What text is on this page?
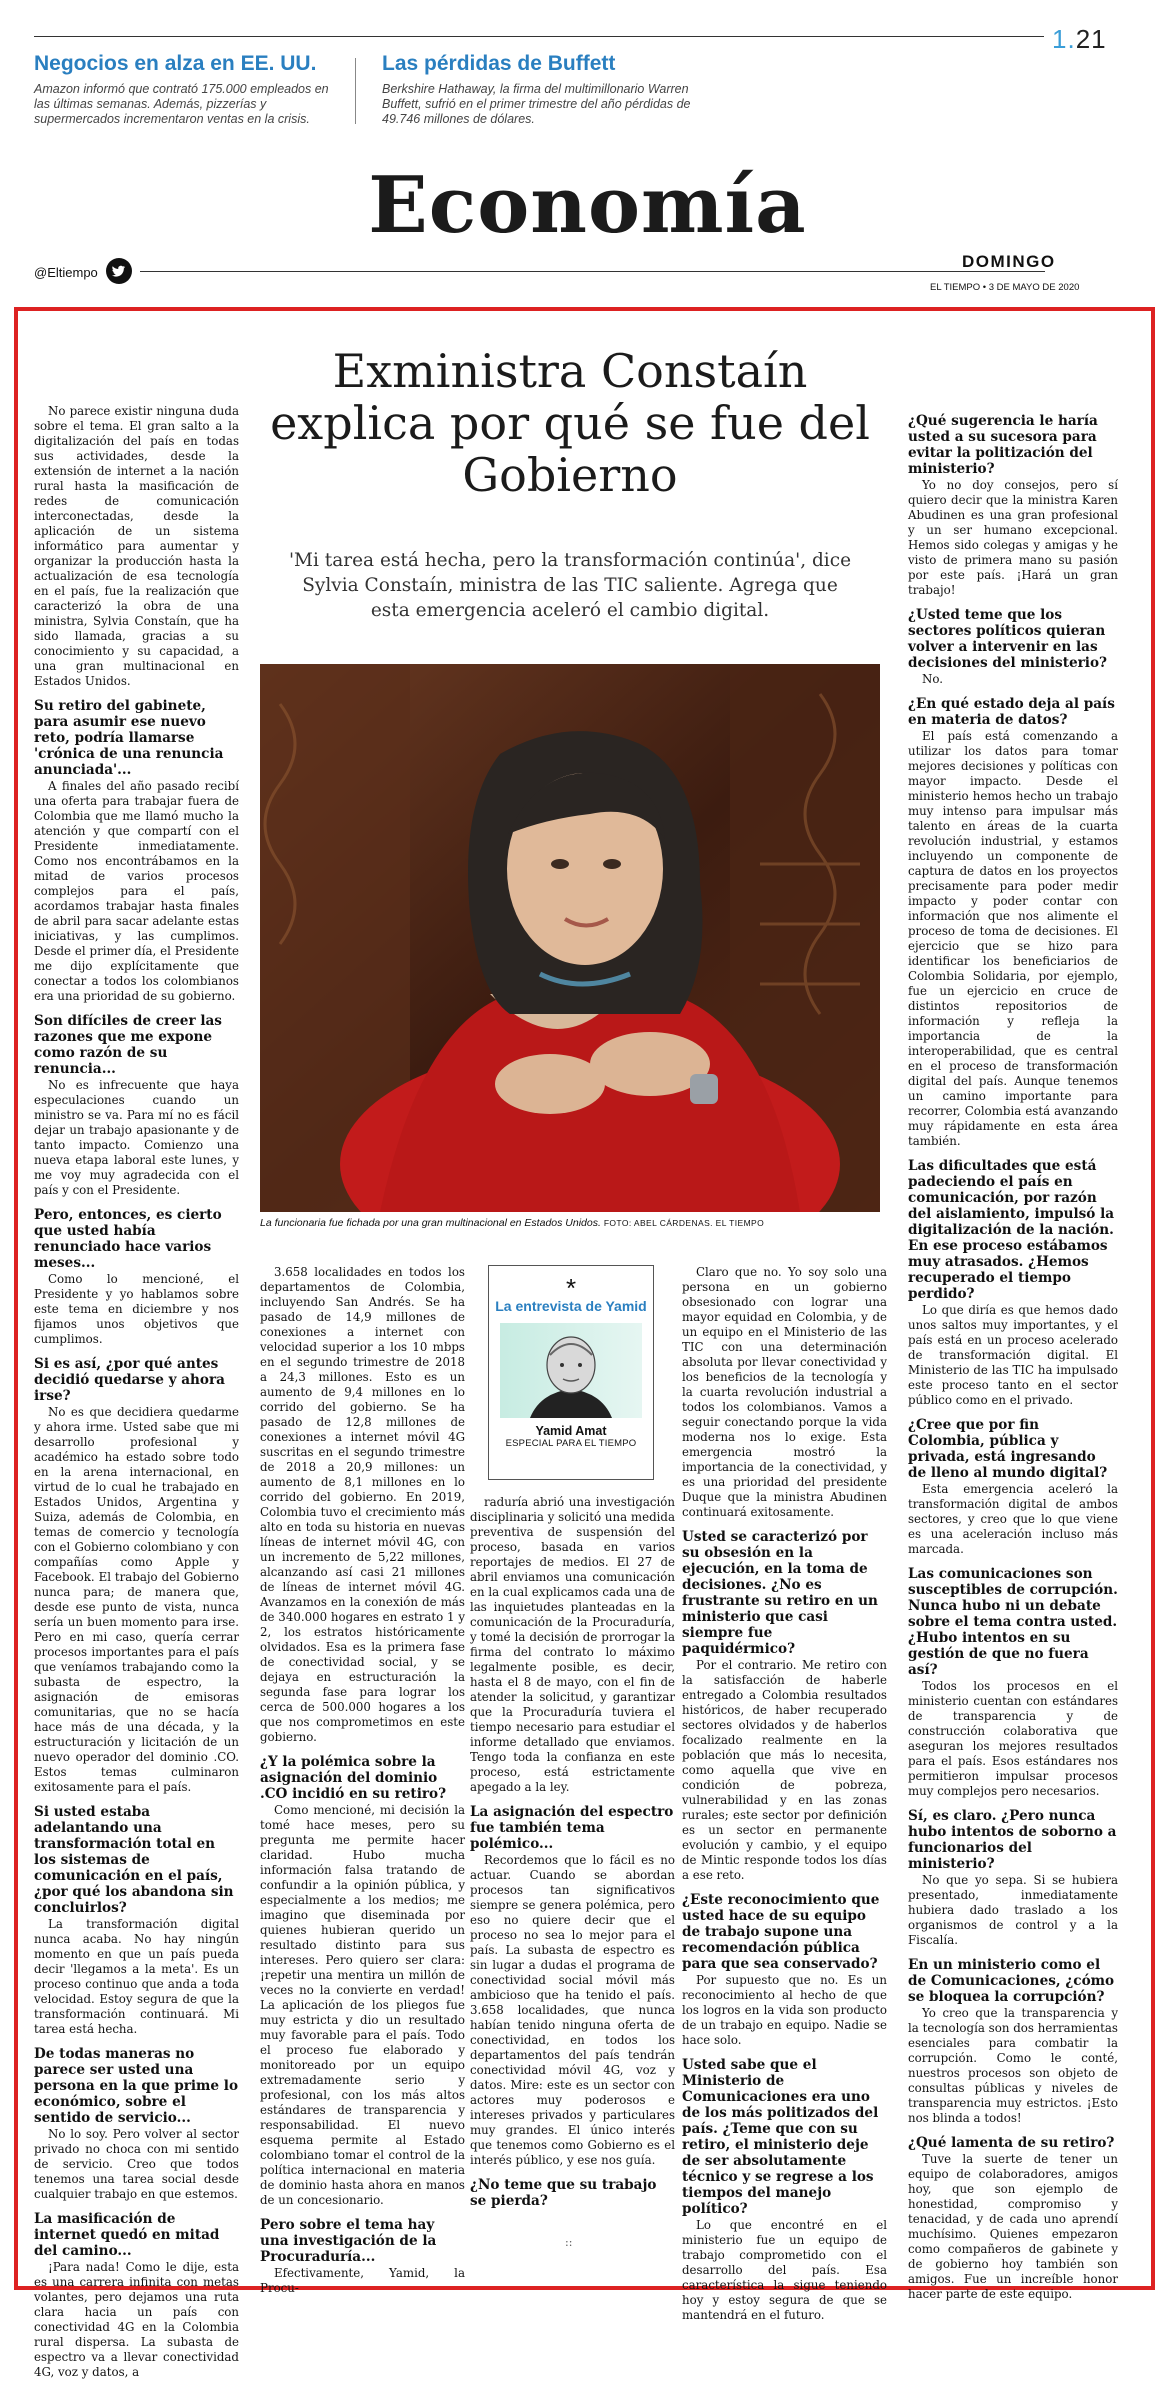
1.21
Negocios en alza en EE. UU.

Amazon informó que contrató 175.000 empleados en las últimas semanas. Además, pizzerías y supermercados incrementaron ventas en la crisis.

Las pérdidas de Buffett

Berkshire Hathaway, la firma del multimillonario Warren Buffett, sufrió en el primer trimestre del año pérdidas de 49.746 millones de dólares.

Economía
@Eltiempo
DOMINGO
EL TIEMPO • 3 DE MAYO DE 2020
Exministra Constaín explica por qué se fue del Gobierno
'Mi tarea está hecha, pero la transformación continúa', dice Sylvia Constaín, ministra de las TIC saliente. Agrega que esta emergencia aceleró el cambio digital.
La funcionaria fue fichada por una gran multinacional en Estados Unidos. FOTO: ABEL CÁRDENAS. EL TIEMPO
*
La entrevista de Yamid
Yamid Amat
ESPECIAL PARA EL TIEMPO

No parece existir ninguna duda sobre el tema. El gran salto a la digitalización del país en todas sus actividades, desde la extensión de internet a la nación rural hasta la masificación de redes de comunicación interconectadas, desde la aplicación de un sistema informático para aumentar y organizar la producción hasta la actualización de esa tecnología en el país, fue la realización que caracterizó la obra de una ministra, Sylvia Constaín, que ha sido llamada, gracias a su conocimiento y su capacidad, a una gran multinacional en Estados Unidos.

Su retiro del gabinete, para asumir ese nuevo reto, podría llamarse 'crónica de una renuncia anunciada'...

A finales del año pasado recibí una oferta para trabajar fuera de Colombia que me llamó mucho la atención y que compartí con el Presidente inmediatamente. Como nos encontrábamos en la mitad de varios procesos complejos para el país, acordamos trabajar hasta finales de abril para sacar adelante estas iniciativas, y las cumplimos. Desde el primer día, el Presidente me dijo explícitamente que conectar a todos los colombianos era una prioridad de su gobierno.

Son difíciles de creer las razones que me expone como razón de su renuncia...

No es infrecuente que haya especulaciones cuando un ministro se va. Para mí no es fácil dejar un trabajo apasionante y de tanto impacto. Comienzo una nueva etapa laboral este lunes, y me voy muy agradecida con el país y con el Presidente.

Pero, entonces, es cierto que usted había renunciado hace varios meses...

Como lo mencioné, el Presidente y yo hablamos sobre este tema en diciembre y nos fijamos unos objetivos que cumplimos.

Si es así, ¿por qué antes decidió quedarse y ahora irse?

No es que decidiera quedarme y ahora irme. Usted sabe que mi desarrollo profesional y académico ha estado sobre todo en la arena internacional, en virtud de lo cual he trabajado en Estados Unidos, Argentina y Suiza, además de Colombia, en temas de comercio y tecnología con el Gobierno colombiano y con compañías como Apple y Facebook. El trabajo del Gobierno nunca para; de manera que, desde ese punto de vista, nunca sería un buen momento para irse. Pero en mi caso, quería cerrar procesos importantes para el país que veníamos trabajando como la subasta de espectro, la asignación de emisoras comunitarias, que no se hacía hace más de una década, y la estructuración y licitación de un nuevo operador del dominio .CO. Estos temas culminaron exitosamente para el país.

Si usted estaba adelantando una transformación total en los sistemas de comunicación en el país, ¿por qué los abandona sin concluirlos?

La transformación digital nunca acaba. No hay ningún momento en que un país pueda decir 'llegamos a la meta'. Es un proceso continuo que anda a toda velocidad. Estoy segura de que la transformación continuará. Mi tarea está hecha.

De todas maneras no parece ser usted una persona en la que prime lo económico, sobre el sentido de servicio...

No lo soy. Pero volver al sector privado no choca con mi sentido de servicio. Creo que todos tenemos una tarea social desde cualquier trabajo en que estemos.

La masificación de internet quedó en mitad del camino...

¡Para nada! Como le dije, esta es una carrera infinita con metas volantes, pero dejamos una ruta clara hacia un país con conectividad 4G en la Colombia rural dispersa. La subasta de espectro va a llevar conectividad 4G, voz y datos, a

3.658 localidades en todos los departamentos de Colombia, incluyendo San Andrés. Se ha pasado de 14,9 millones de conexiones a internet con velocidad superior a los 10 mbps en el segundo trimestre de 2018 a 24,3 millones. Esto es un aumento de 9,4 millones en lo corrido del gobierno. Se ha pasado de 12,8 millones de conexiones a internet móvil 4G suscritas en el segundo trimestre de 2018 a 20,9 millones: un aumento de 8,1 millones en lo corrido del gobierno. En 2019, Colombia tuvo el crecimiento más alto en toda su historia en nuevas líneas de internet móvil 4G, con un incremento de 5,22 millones, alcanzando así casi 21 millones de líneas de internet móvil 4G. Avanzamos en la conexión de más de 340.000 hogares en estrato 1 y 2, los estratos históricamente olvidados. Esa es la primera fase de conectividad social, y se dejaya en estructuración la segunda fase para lograr los cerca de 500.000 hogares a los que nos comprometimos en este gobierno.

¿Y la polémica sobre la asignación del dominio .CO incidió en su retiro?

Como mencioné, mi decisión la tomé hace meses, pero su pregunta me permite hacer claridad. Hubo mucha información falsa tratando de confundir a la opinión pública, y especialmente a los medios; me imagino que diseminada por quienes hubieran querido un resultado distinto para sus intereses. Pero quiero ser clara: ¡repetir una mentira un millón de veces no la convierte en verdad! La aplicación de los pliegos fue muy estricta y dio un resultado muy favorable para el país. Todo el proceso fue elaborado y monitoreado por un equipo extremadamente serio y profesional, con los más altos estándares de transparencia y responsabilidad. El nuevo esquema permite al Estado colombiano tomar el control de la política internacional en materia de dominio hasta ahora en manos de un concesionario.

Pero sobre el tema hay una investigación de la Procuraduría...

Efectivamente, Yamid, la Procu-

raduría abrió una investigación disciplinaria y solicitó una medida preventiva de suspensión del proceso, basada en varios reportajes de medios. El 27 de abril enviamos una comunicación en la cual explicamos cada una de las inquietudes planteadas en la comunicación de la Procuraduría, y tomé la decisión de prorrogar la firma del contrato lo máximo legalmente posible, es decir, hasta el 8 de mayo, con el fin de atender la solicitud, y garantizar que la Procuraduría tuviera el tiempo necesario para estudiar el informe detallado que enviamos. Tengo toda la confianza en este proceso, está estrictamente apegado a la ley.

La asignación del espectro fue también tema polémico...

Recordemos que lo fácil es no actuar. Cuando se abordan procesos tan significativos siempre se genera polémica, pero eso no quiere decir que el proceso no sea lo mejor para el país. La subasta de espectro es sin lugar a dudas el programa de conectividad social móvil más ambicioso que ha tenido el país. 3.658 localidades, que nunca habían tenido ninguna oferta de conectividad, en todos los departamentos del país tendrán conectividad móvil 4G, voz y datos. Mire: este es un sector con actores muy poderosos e intereses privados y particulares muy grandes. El único interés que tenemos como Gobierno es el interés público, y ese nos guía.

¿No teme que su trabajo se pierda?

Claro que no. Yo soy solo una persona en un gobierno obsesionado con lograr una mayor equidad en Colombia, y de un equipo en el Ministerio de las TIC con una determinación absoluta por llevar conectividad y los beneficios de la tecnología y la cuarta revolución industrial a todos los colombianos. Vamos a seguir conectando porque la vida moderna nos lo exige. Esta emergencia mostró la importancia de la conectividad, y es una prioridad del presidente Duque que la ministra Abudinen continuará exitosamente.

Usted se caracterizó por su obsesión en la ejecución, en la toma de decisiones. ¿No es frustrante su retiro en un ministerio que casi siempre fue paquidérmico?

Por el contrario. Me retiro con la satisfacción de haberle entregado a Colombia resultados históricos, de haber recuperado sectores olvidados y de haberlos focalizado realmente en la población que más lo necesita, como aquella que vive en condición de pobreza, vulnerabilidad y en las zonas rurales; este sector por definición es un sector en permanente evolución y cambio, y el equipo de Mintic responde todos los días a ese reto.

¿Este reconocimiento que usted hace de su equipo de trabajo supone una recomendación pública para que sea conservado?

Por supuesto que no. Es un reconocimiento al hecho de que los logros en la vida son producto de un trabajo en equipo. Nadie se hace solo.

Usted sabe que el Ministerio de Comunicaciones era uno de los más politizados del país. ¿Teme que con su retiro, el ministerio deje de ser absolutamente técnico y se regrese a los tiempos del manejo político?

Lo que encontré en el ministerio fue un equipo de trabajo comprometido con el desarrollo del país. Esa característica la sigue teniendo hoy y estoy segura de que se mantendrá en el futuro.

¿Qué sugerencia le haría usted a su sucesora para evitar la politización del ministerio?

Yo no doy consejos, pero sí quiero decir que la ministra Karen Abudinen es una gran profesional y un ser humano excepcional. Hemos sido colegas y amigas y he visto de primera mano su pasión por este país. ¡Hará un gran trabajo!

¿Usted teme que los sectores políticos quieran volver a intervenir en las decisiones del ministerio?

No.

¿En qué estado deja al país en materia de datos?

El país está comenzando a utilizar los datos para tomar mejores decisiones y políticas con mayor impacto. Desde el ministerio hemos hecho un trabajo muy intenso para impulsar más talento en áreas de la cuarta revolución industrial, y estamos incluyendo un componente de captura de datos en los proyectos precisamente para poder medir impacto y poder contar con información que nos alimente el proceso de toma de decisiones. El ejercicio que se hizo para identificar los beneficiarios de Colombia Solidaria, por ejemplo, fue un ejercicio en cruce de distintos repositorios de información y refleja la importancia de la interoperabilidad, que es central en el proceso de transformación digital del país. Aunque tenemos un camino importante para recorrer, Colombia está avanzando muy rápidamente en esta área también.

Las dificultades que está padeciendo el país en comunicación, por razón del aislamiento, impulsó la digitalización de la nación. En ese proceso estábamos muy atrasados. ¿Hemos recuperado el tiempo perdido?

Lo que diría es que hemos dado unos saltos muy importantes, y el país está en un proceso acelerado de transformación digital. El Ministerio de las TIC ha impulsado este proceso tanto en el sector público como en el privado.

¿Cree que por fin Colombia, pública y privada, está ingresando de lleno al mundo digital?

Esta emergencia aceleró la transformación digital de ambos sectores, y creo que lo que viene es una aceleración incluso más marcada.

Las comunicaciones son susceptibles de corrupción. Nunca hubo ni un debate sobre el tema contra usted. ¿Hubo intentos en su gestión de que no fuera así?

Todos los procesos en el ministerio cuentan con estándares de transparencia y de construcción colaborativa que aseguran los mejores resultados para el país. Esos estándares nos permitieron impulsar procesos muy complejos pero necesarios.

Sí, es claro. ¿Pero nunca hubo intentos de soborno a funcionarios del ministerio?

No que yo sepa. Si se hubiera presentado, inmediatamente hubiera dado traslado a los organismos de control y a la Fiscalía.

En un ministerio como el de Comunicaciones, ¿cómo se bloquea la corrupción?

Yo creo que la transparencia y la tecnología son dos herramientas esenciales para combatir la corrupción. Como le conté, nuestros procesos son objeto de consultas públicas y niveles de transparencia muy estrictos. ¡Esto nos blinda a todos!

¿Qué lamenta de su retiro?

Tuve la suerte de tener un equipo de colaboradores, amigos hoy, que son ejemplo de honestidad, compromiso y tenacidad, y de cada uno aprendí muchísimo. Quienes empezaron como compañeros de gabinete y de gobierno hoy también son amigos. Fue un increíble honor hacer parte de este equipo.

::
